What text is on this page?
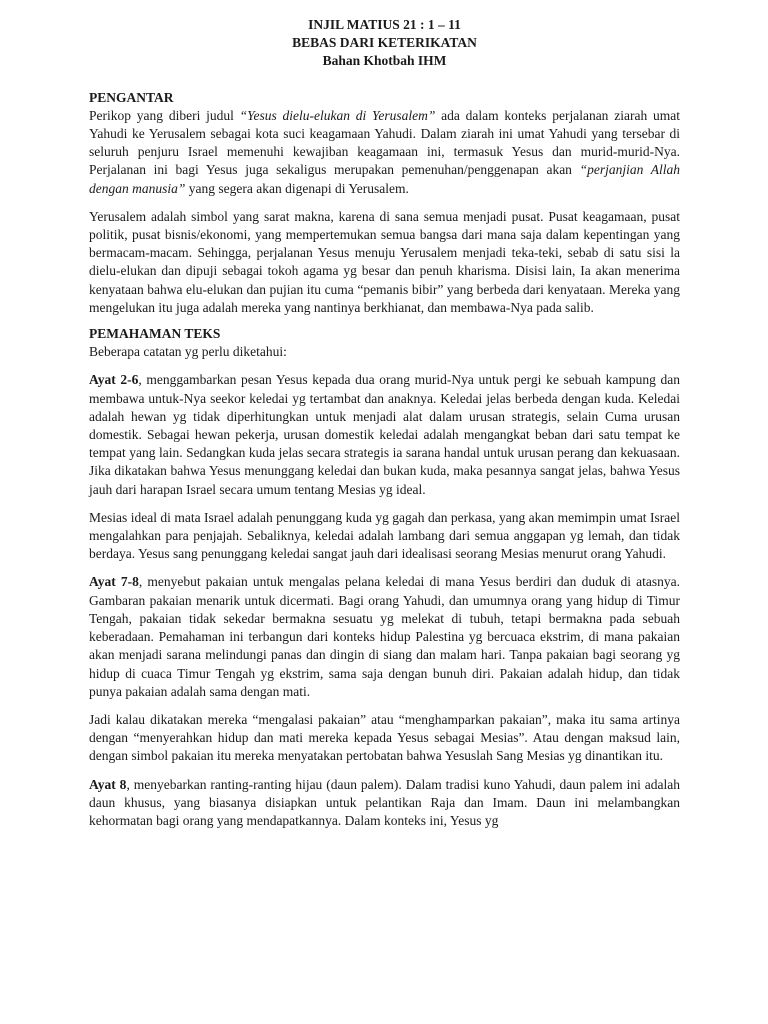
INJIL MATIUS 21 : 1 – 11
BEBAS DARI KETERIKATAN
Bahan Khotbah IHM
PENGANTAR

Perikop yang diberi judul “Yesus dielu-elukan di Yerusalem” ada dalam konteks perjalanan ziarah umat Yahudi ke Yerusalem sebagai kota suci keagamaan Yahudi. Dalam ziarah ini umat Yahudi yang tersebar di seluruh penjuru Israel memenuhi kewajiban keagamaan ini, termasuk Yesus dan murid-murid-Nya. Perjalanan ini bagi Yesus juga sekaligus merupakan pemenuhan/penggenapan akan “perjanjian Allah dengan manusia” yang segera akan digenapi di Yerusalem.

Yerusalem adalah simbol yang sarat makna, karena di sana semua menjadi pusat. Pusat keagamaan, pusat politik, pusat bisnis/ekonomi, yang mempertemukan semua bangsa dari mana saja dalam kepentingan yang bermacam-macam. Sehingga, perjalanan Yesus menuju Yerusalem menjadi teka-teki, sebab di satu sisi la dielu-elukan dan dipuji sebagai tokoh agama yg besar dan penuh kharisma. Disisi lain, Ia akan menerima kenyataan bahwa elu-elukan dan pujian itu cuma “pemanis bibir” yang berbeda dari kenyataan. Mereka yang mengelukan itu juga adalah mereka yang nantinya berkhianat, dan membawa-Nya pada salib.

PEMAHAMAN TEKS

Beberapa catatan yg perlu diketahui:

Ayat 2-6, menggambarkan pesan Yesus kepada dua orang murid-Nya untuk pergi ke sebuah kampung dan membawa untuk-Nya seekor keledai yg tertambat dan anaknya. Keledai jelas berbeda dengan kuda. Keledai adalah hewan yg tidak diperhitungkan untuk menjadi alat dalam urusan strategis, selain Cuma urusan domestik. Sebagai hewan pekerja, urusan domestik keledai adalah mengangkat beban dari satu tempat ke tempat yang lain. Sedangkan kuda jelas secara strategis ia sarana handal untuk urusan perang dan kekuasaan. Jika dikatakan bahwa Yesus menunggang keledai dan bukan kuda, maka pesannya sangat jelas, bahwa Yesus jauh dari harapan Israel secara umum tentang Mesias yg ideal.

Mesias ideal di mata Israel adalah penunggang kuda yg gagah dan perkasa, yang akan memimpin umat Israel mengalahkan para penjajah. Sebaliknya, keledai adalah lambang dari semua anggapan yg lemah, dan tidak berdaya. Yesus sang penunggang keledai sangat jauh dari idealisasi seorang Mesias menurut orang Yahudi.

Ayat 7-8, menyebut pakaian untuk mengalas pelana keledai di mana Yesus berdiri dan duduk di atasnya. Gambaran pakaian menarik untuk dicermati. Bagi orang Yahudi, dan umumnya orang yang hidup di Timur Tengah, pakaian tidak sekedar bermakna sesuatu yg melekat di tubuh, tetapi bermakna pada sebuah keberadaan. Pemahaman ini terbangun dari konteks hidup Palestina yg bercuaca ekstrim, di mana pakaian akan menjadi sarana melindungi panas dan dingin di siang dan malam hari. Tanpa pakaian bagi seorang yg hidup di cuaca Timur Tengah yg ekstrim, sama saja dengan bunuh diri. Pakaian adalah hidup, dan tidak punya pakaian adalah sama dengan mati.

Jadi kalau dikatakan mereka “mengalasi pakaian” atau “menghamparkan pakaian”, maka itu sama artinya dengan “menyerahkan hidup dan mati mereka kepada Yesus sebagai Mesias”. Atau dengan maksud lain, dengan simbol pakaian itu mereka menyatakan pertobatan bahwa Yesuslah Sang Mesias yg dinantikan itu.

Ayat 8, menyebarkan ranting-ranting hijau (daun palem). Dalam tradisi kuno Yahudi, daun palem ini adalah daun khusus, yang biasanya disiapkan untuk pelantikan Raja dan Imam. Daun ini melambangkan kehormatan bagi orang yang mendapatkannya. Dalam konteks ini, Yesus yg
